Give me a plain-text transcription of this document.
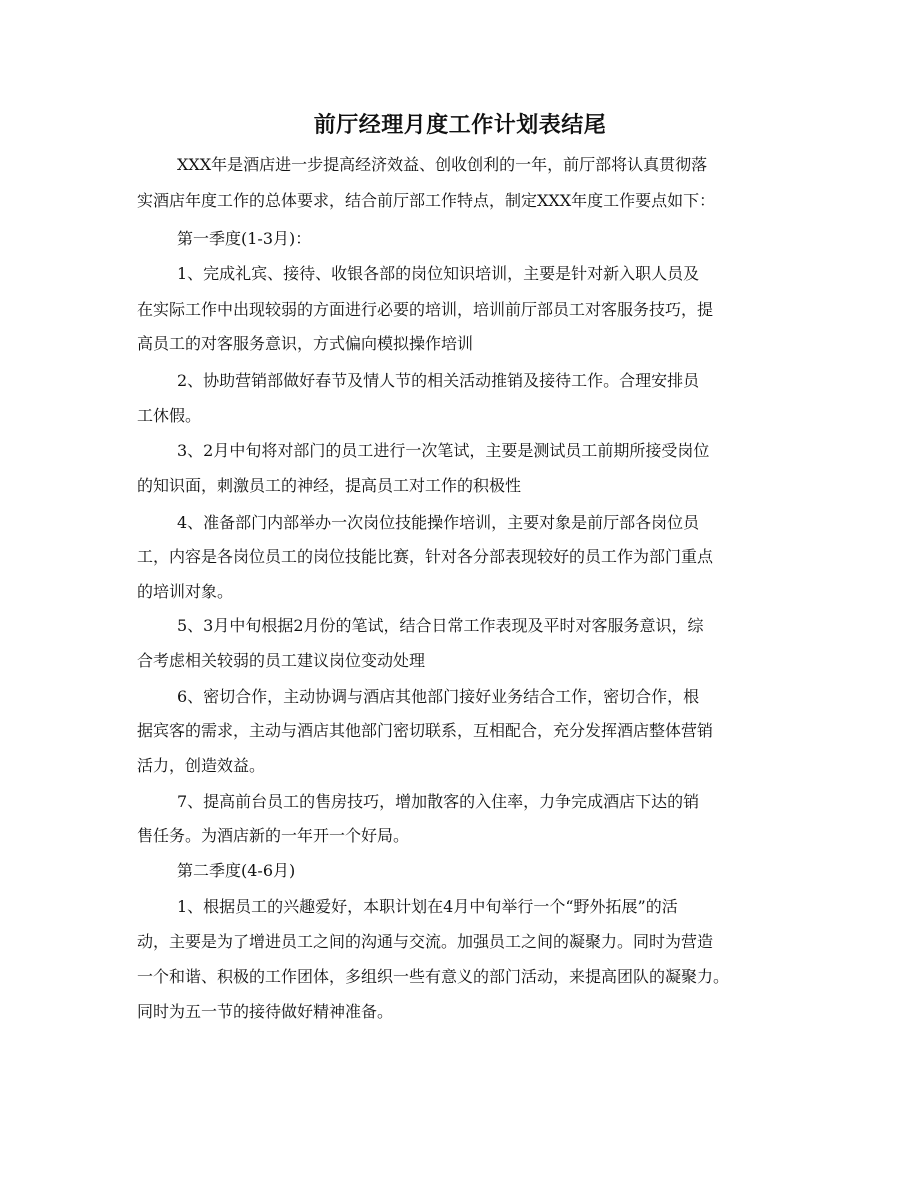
前厅经理月度工作计划表结尾

XXX年是酒店进一步提高经济效益、创收创利的一年，前厅部将认真贯彻落

实酒店年度工作的总体要求，结合前厅部工作特点，制定XXX年度工作要点如下：

第一季度(1-3月)：

1、完成礼宾、接待、收银各部的岗位知识培训，主要是针对新入职人员及

在实际工作中出现较弱的方面进行必要的培训，培训前厅部员工对客服务技巧，提

高员工的对客服务意识，方式偏向模拟操作培训

2、协助营销部做好春节及情人节的相关活动推销及接待工作。合理安排员

工休假。

3、2月中旬将对部门的员工进行一次笔试，主要是测试员工前期所接受岗位

的知识面，刺激员工的神经，提高员工对工作的积极性

4、准备部门内部举办一次岗位技能操作培训，主要对象是前厅部各岗位员

工，内容是各岗位员工的岗位技能比赛，针对各分部表现较好的员工作为部门重点

的培训对象。

5、3月中旬根据2月份的笔试，结合日常工作表现及平时对客服务意识，综

合考虑相关较弱的员工建议岗位变动处理

6、密切合作，主动协调与酒店其他部门接好业务结合工作，密切合作，根

据宾客的需求，主动与酒店其他部门密切联系，互相配合，充分发挥酒店整体营销

活力，创造效益。

7、提高前台员工的售房技巧，增加散客的入住率，力争完成酒店下达的销

售任务。为酒店新的一年开一个好局。

第二季度(4-6月)

1、根据员工的兴趣爱好，本职计划在4月中旬举行一个“野外拓展”的活

动，主要是为了增进员工之间的沟通与交流。加强员工之间的凝聚力。同时为营造

一个和谐、积极的工作团体，多组织一些有意义的部门活动，来提高团队的凝聚力。

同时为五一节的接待做好精神准备。
